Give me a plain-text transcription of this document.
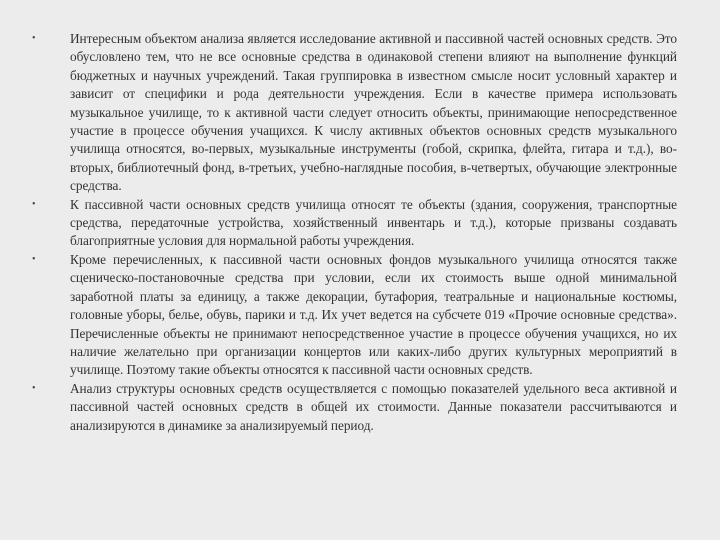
•	Интересным объектом анализа является исследование активной и пассивной частей основных средств. Это обусловлено тем, что не все основные средства в одинаковой степени влияют на выполнение функций бюджетных и научных учреждений. Такая группировка в известном смысле носит условный характер и зависит от специфики и рода деятельности учреждения. Если в качестве примера использовать музыкальное училище, то к активной части следует относить объекты, принимающие непосредственное участие в процессе обучения учащихся. К числу активных объектов основных средств музыкального училища относятся, во-первых, музыкальные инструменты (гобой, скрипка, флейта, гитара и т.д.), во-вторых, библиотечный фонд, в-третьих, учебно-наглядные пособия, в-четвертых, обучающие электронные средства.
•	К пассивной части основных средств училища относят те объекты (здания, сооружения, транспортные средства, передаточные устройства, хозяйственный инвентарь и т.д.), которые призваны создавать благоприятные условия для нормальной работы учреждения.
•	Кроме перечисленных, к пассивной части основных фондов музыкального училища относятся также сценическо-постановочные средства при условии, если их стоимость выше одной минимальной заработной платы за единицу, а также декорации, бутафория, театральные и национальные костюмы, головные уборы, белье, обувь, парики и т.д. Их учет ведется на субсчете 019 «Прочие основные средства». Перечисленные объекты не принимают непосредственное участие в процессе обучения учащихся, но их наличие желательно при организации концертов или каких-либо других культурных мероприятий в училище. Поэтому такие объекты относятся к пассивной части основных средств.
•	Анализ структуры основных средств осуществляется с помощью показателей удельного веса активной и пассивной частей основных средств в общей их стоимости. Данные показатели рассчитываются и анализируются в динамике за анализируемый период.
